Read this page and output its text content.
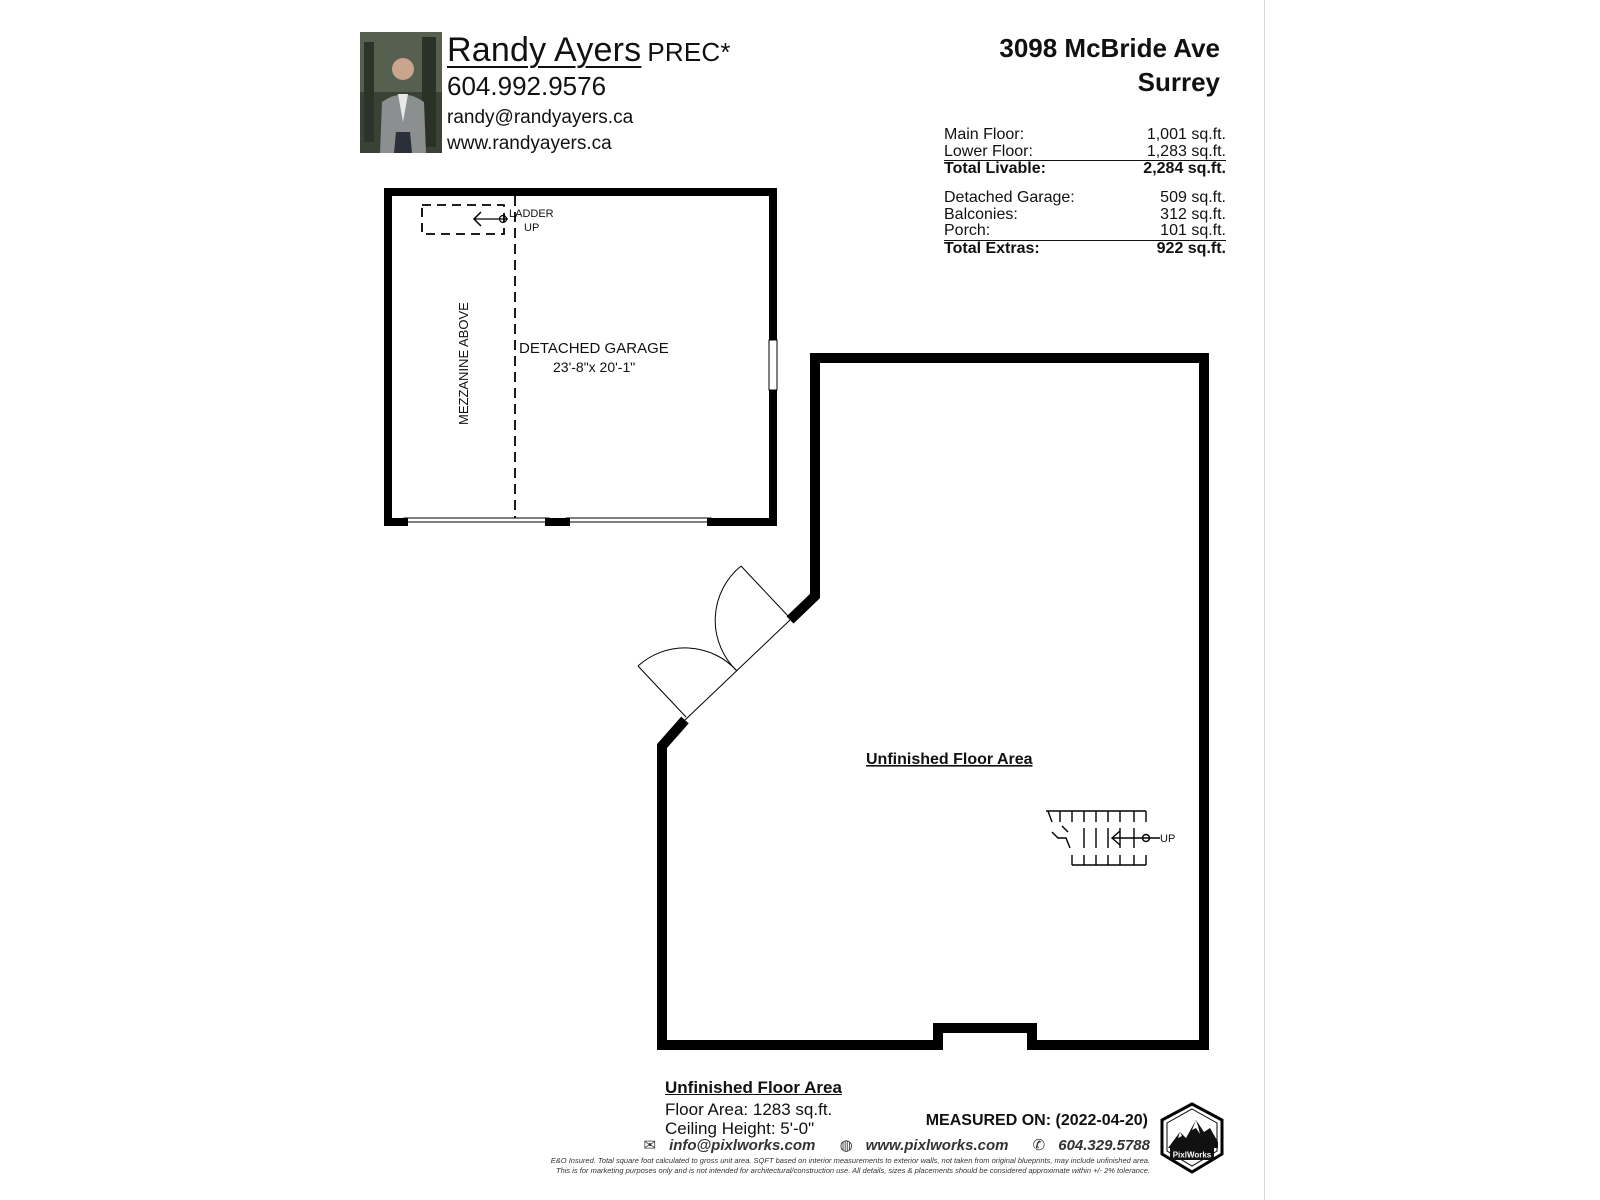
Randy Ayers PREC*
604.992.9576
randy@randyayers.ca
www.randyayers.ca
3098 McBride Ave
Surrey
Main Floor:	1,001 sq.ft.
Lower Floor:	1,283 sq.ft.
Total Livable:	2,284 sq.ft.
Detached Garage:	509 sq.ft.
Balconies:	312 sq.ft.
Porch:	101 sq.ft.
Total Extras:	922 sq.ft.
DETACHED GARAGE
23'-8"x 20'-1"
MEZZANINE ABOVE
LADDER
UP
Unfinished Floor Area
UP
Unfinished Floor Area
Floor Area: 1283 sq.ft.
Ceiling Height: 5'-0"	MEASURED ON: (2022-04-20)
✉ info@pixlworks.com ◍ www.pixlworks.com ✆ 604.329.5788
E&O Insured. Total square foot calculated to gross unit area. SQFT based on interior measurements to exterior walls, not taken from original blueprints, may include unfinished area.
This is for marketing purposes only and is not intended for architectural/construction use. All details, sizes & placements should be considered approximate within +/- 2% tolerance.
PixlWorks
